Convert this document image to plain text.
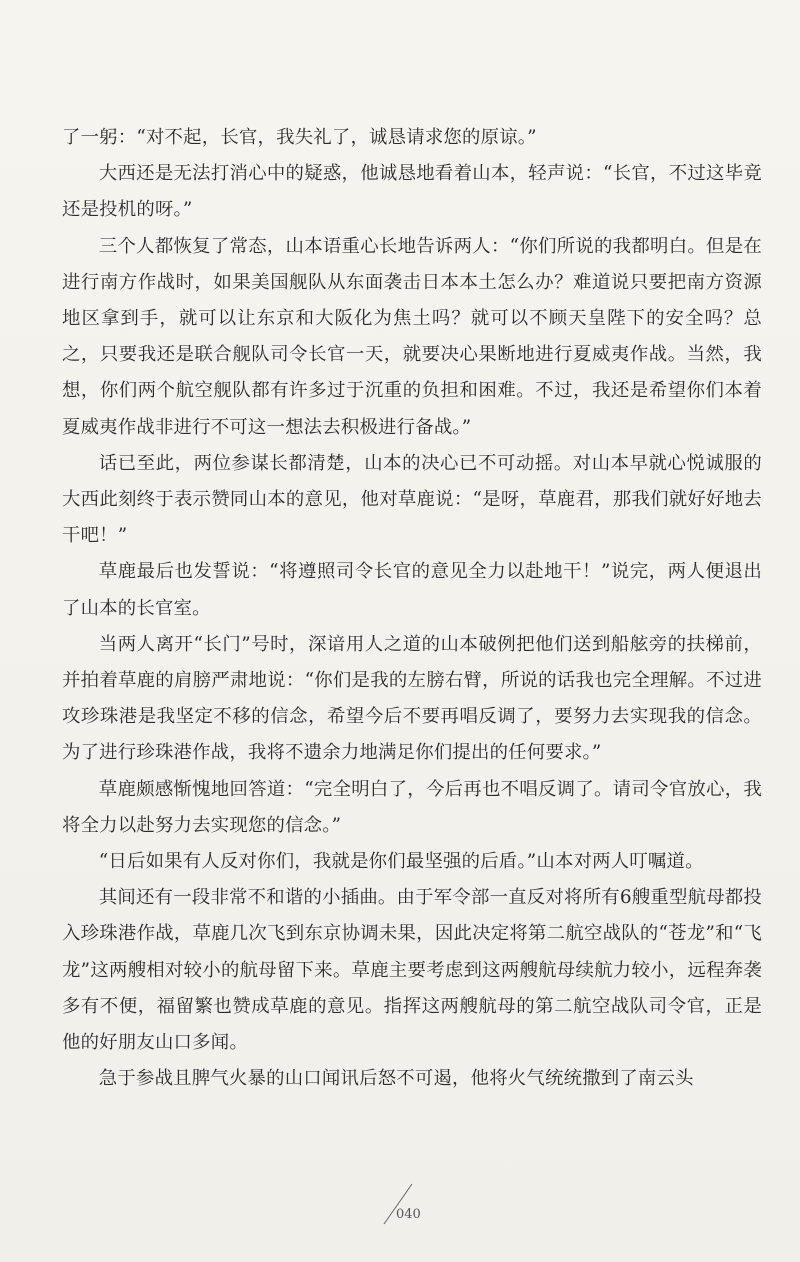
了一躬：“对不起，长官，我失礼了，诚恳请求您的原谅。”

大西还是无法打消心中的疑惑，他诚恳地看着山本，轻声说：“长官，不过这毕竟还是投机的呀。”

三个人都恢复了常态，山本语重心长地告诉两人：“你们所说的我都明白。但是在进行南方作战时，如果美国舰队从东面袭击日本本土怎么办？难道说只要把南方资源地区拿到手，就可以让东京和大阪化为焦土吗？就可以不顾天皇陛下的安全吗？总之，只要我还是联合舰队司令长官一天，就要决心果断地进行夏威夷作战。当然，我想，你们两个航空舰队都有许多过于沉重的负担和困难。不过，我还是希望你们本着夏威夷作战非进行不可这一想法去积极进行备战。”

话已至此，两位参谋长都清楚，山本的决心已不可动摇。对山本早就心悦诚服的大西此刻终于表示赞同山本的意见，他对草鹿说：“是呀，草鹿君，那我们就好好地去干吧！”

草鹿最后也发誓说：“将遵照司令长官的意见全力以赴地干！”说完，两人便退出了山本的长官室。

当两人离开“长门”号时，深谙用人之道的山本破例把他们送到船舷旁的扶梯前，并拍着草鹿的肩膀严肃地说：“你们是我的左膀右臂，所说的话我也完全理解。不过进攻珍珠港是我坚定不移的信念，希望今后不要再唱反调了，要努力去实现我的信念。为了进行珍珠港作战，我将不遗余力地满足你们提出的任何要求。”

草鹿颇感惭愧地回答道：“完全明白了，今后再也不唱反调了。请司令官放心，我将全力以赴努力去实现您的信念。”

“日后如果有人反对你们，我就是你们最坚强的后盾。”山本对两人叮嘱道。

其间还有一段非常不和谐的小插曲。由于军令部一直反对将所有6艘重型航母都投入珍珠港作战，草鹿几次飞到东京协调未果，因此决定将第二航空战队的“苍龙”和“飞龙”这两艘相对较小的航母留下来。草鹿主要考虑到这两艘航母续航力较小，远程奔袭多有不便，福留繁也赞成草鹿的意见。指挥这两艘航母的第二航空战队司令官，正是他的好朋友山口多闻。

急于参战且脾气火暴的山口闻讯后怒不可遏，他将火气统统撒到了南云头

040
